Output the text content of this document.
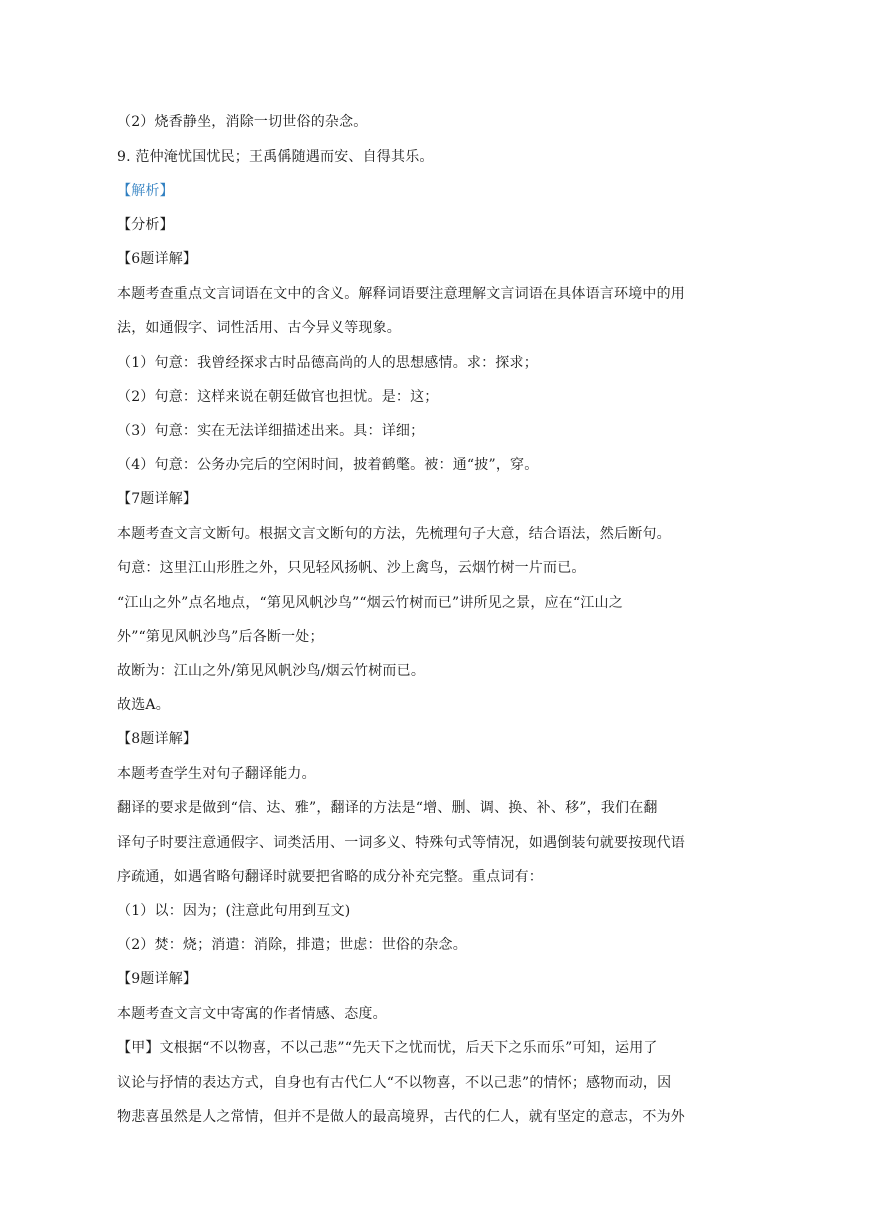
（2）烧香静坐，消除一切世俗的杂念。
9. 范仲淹忧国忧民；王禹偁随遇而安、自得其乐。
【解析】
【分析】
【6题详解】
本题考查重点文言词语在文中的含义。解释词语要注意理解文言词语在具体语言环境中的用
法，如通假字、词性活用、古今异义等现象。
（1）句意：我曾经探求古时品德高尚的人的思想感情。求：探求；
（2）句意：这样来说在朝廷做官也担忧。是：这；
（3）句意：实在无法详细描述出来。具：详细；
（4）句意：公务办完后的空闲时间，披着鹤氅。被：通“披”，穿。
【7题详解】
本题考查文言文断句。根据文言文断句的方法，先梳理句子大意，结合语法，然后断句。
句意：这里江山形胜之外，只见轻风扬帆、沙上禽鸟，云烟竹树一片而已。
“江山之外”点名地点，“第见风帆沙鸟”“烟云竹树而已”讲所见之景，应在“江山之
外”“第见风帆沙鸟”后各断一处；
故断为：江山之外/第见风帆沙鸟/烟云竹树而已。
故选A。
【8题详解】
本题考查学生对句子翻译能力。
翻译的要求是做到“信、达、雅”，翻译的方法是“增、删、调、换、补、移”，我们在翻
译句子时要注意通假字、词类活用、一词多义、特殊句式等情况，如遇倒装句就要按现代语
序疏通，如遇省略句翻译时就要把省略的成分补充完整。重点词有：
（1）以：因为；(注意此句用到互文)
（2）焚：烧；消遣：消除，排遣；世虑：世俗的杂念。
【9题详解】
本题考查文言文中寄寓的作者情感、态度。
【甲】文根据“不以物喜，不以己悲”“先天下之忧而忧，后天下之乐而乐”可知，运用了
议论与抒情的表达方式，自身也有古代仁人“不以物喜，不以己悲”的情怀；感物而动，因
物悲喜虽然是人之常情，但并不是做人的最高境界，古代的仁人，就有坚定的意志，不为外
